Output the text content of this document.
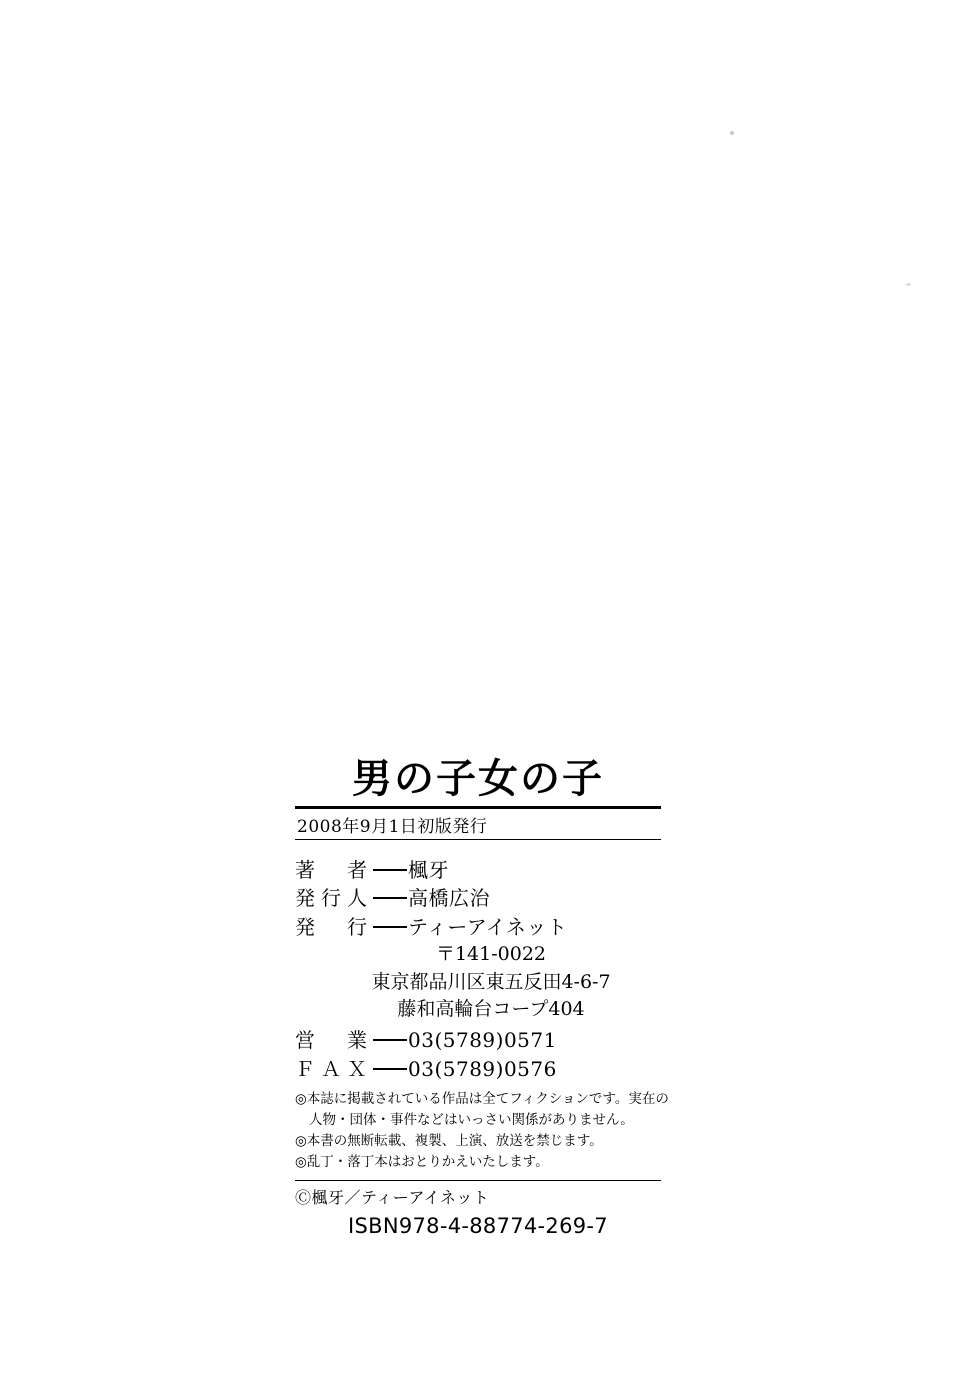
男の子女の子
2008年9月1日初版発行
著　者 楓牙
発行人 高橋広治
発　行 ティーアイネット
〒141-0022
東京都品川区東五反田4-6-7
藤和高輪台コープ404
営　業 03(5789)0571
ＦＡＸ 03(5789)0576
◎本誌に掲載されている作品は全てフィクションです。実在の
人物・団体・事件などはいっさい関係がありません。
◎本書の無断転載、複製、上演、放送を禁じます。
◎乱丁・落丁本はおとりかえいたします。
Ⓒ楓牙／ティーアイネット
ISBN978-4-88774-269-7
